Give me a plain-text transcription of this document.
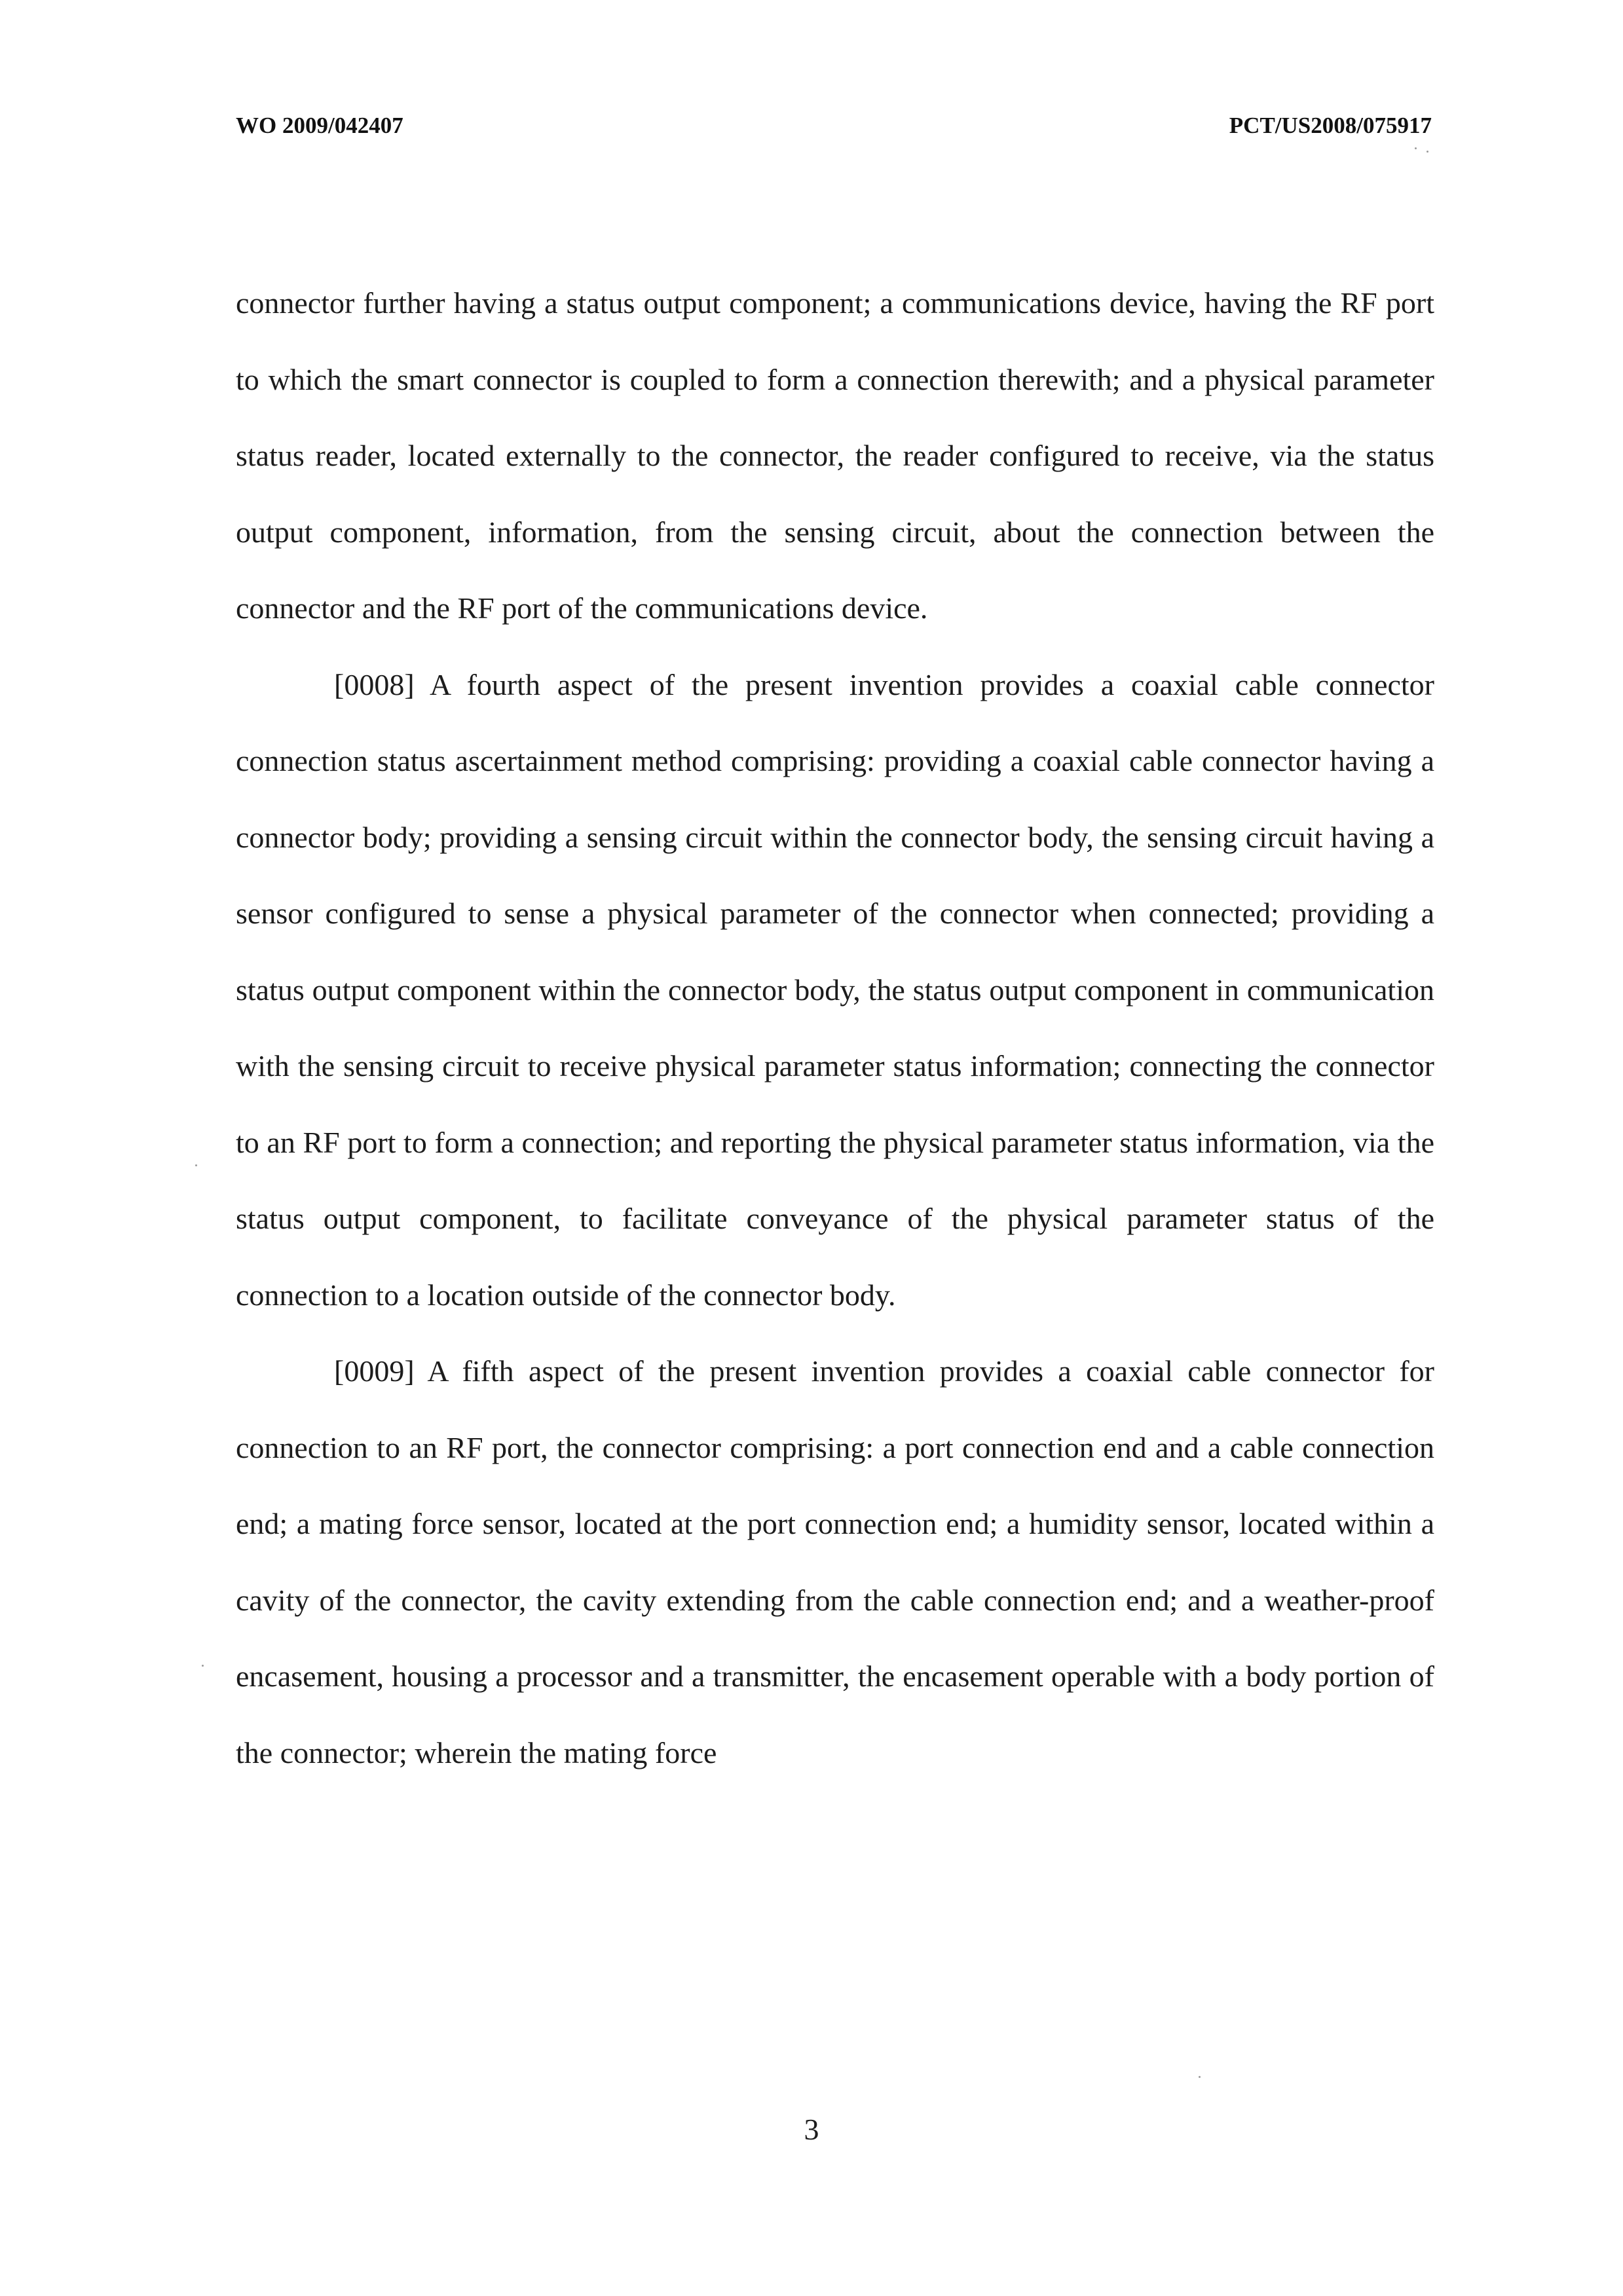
WO 2009/042407	PCT/US2008/075917

connector further having a status output component; a communications device, having the RF port to which the smart connector is coupled to form a connection therewith; and a physical parameter status reader, located externally to the connector, the reader configured to receive, via the status output component, information, from the sensing circuit, about the connection between the connector and the RF port of the communications device.

[0008] A fourth aspect of the present invention provides a coaxial cable connector connection status ascertainment method comprising: providing a coaxial cable connector having a connector body; providing a sensing circuit within the connector body, the sensing circuit having a sensor configured to sense a physical parameter of the connector when connected; providing a status output component within the connector body, the status output component in communication with the sensing circuit to receive physical parameter status information; connecting the connector to an RF port to form a connection; and reporting the physical parameter status information, via the status output component, to facilitate conveyance of the physical parameter status of the connection to a location outside of the connector body.

[0009] A fifth aspect of the present invention provides a coaxial cable connector for connection to an RF port, the connector comprising: a port connection end and a cable connection end; a mating force sensor, located at the port connection end; a humidity sensor, located within a cavity of the connector, the cavity extending from the cable connection end; and a weather-proof encasement, housing a processor and a transmitter, the encasement operable with a body portion of the connector; wherein the mating force

3
